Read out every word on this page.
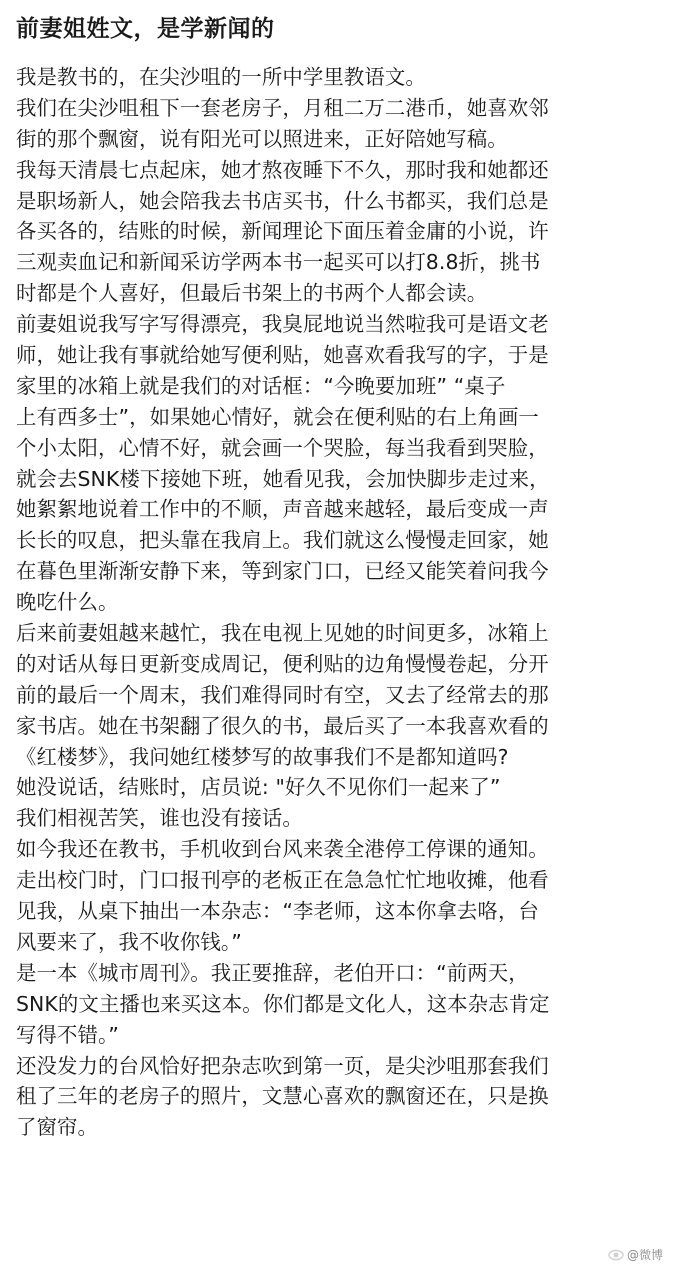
前妻姐姓文，是学新闻的
我是教书的，在尖沙咀的一所中学里教语文。
我们在尖沙咀租下一套老房子，月租二万二港币，她喜欢邻
街的那个飘窗，说有阳光可以照进来，正好陪她写稿。
我每天清晨七点起床，她才熬夜睡下不久，那时我和她都还
是职场新人，她会陪我去书店买书，什么书都买，我们总是
各买各的，结账的时候，新闻理论下面压着金庸的小说，许
三观卖血记和新闻采访学两本书一起买可以打8.8折，挑书
时都是个人喜好，但最后书架上的书两个人都会读。
前妻姐说我写字写得漂亮，我臭屁地说当然啦我可是语文老
师，她让我有事就给她写便利贴，她喜欢看我写的字，于是
家里的冰箱上就是我们的对话框：“今晚要加班” “桌子
上有西多士”，如果她心情好，就会在便利贴的右上角画一
个小太阳，心情不好，就会画一个哭脸，每当我看到哭脸，
就会去SNK楼下接她下班，她看见我，会加快脚步走过来，
她絮絮地说着工作中的不顺，声音越来越轻，最后变成一声
长长的叹息，把头靠在我肩上。我们就这么慢慢走回家，她
在暮色里渐渐安静下来，等到家门口，已经又能笑着问我今
晚吃什么。
后来前妻姐越来越忙，我在电视上见她的时间更多，冰箱上
的对话从每日更新变成周记，便利贴的边角慢慢卷起，分开
前的最后一个周末，我们难得同时有空，又去了经常去的那
家书店。她在书架翻了很久的书，最后买了一本我喜欢看的
《红楼梦》，我问她红楼梦写的故事我们不是都知道吗?
她没说话，结账时，店员说: "好久不见你们一起来了”
我们相视苦笑，谁也没有接话。
如今我还在教书，手机收到台风来袭全港停工停课的通知。
走出校门时，门口报刊亭的老板正在急急忙忙地收摊，他看
见我，从桌下抽出一本杂志：“李老师，这本你拿去咯，台
风要来了，我不收你钱。”
是一本《城市周刊》。我正要推辞，老伯开口：“前两天，
SNK的文主播也来买这本。你们都是文化人，这本杂志肯定
写得不错。”
还没发力的台风恰好把杂志吹到第一页，是尖沙咀那套我们
租了三年的老房子的照片，文慧心喜欢的飘窗还在，只是换
了窗帘。
@微博
